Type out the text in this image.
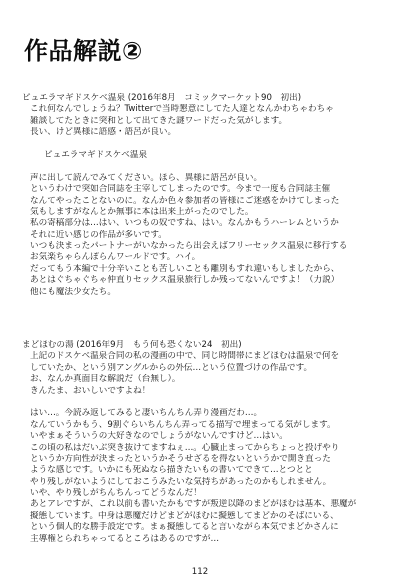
作品解説②
ピュエラマギドスケベ温泉 (2016年8月　コミックマーケット90　初出)
これ何なんでしょうね？Twitterで当時懇意にしてた人達となんかわちゃわちゃ
雑談してたときに突和として出てきた謎ワードだった気がします。
長い、けど異様に語感・語呂が良い。
ピュエラマギドスケベ温泉
声に出して読んでみてください。ほら、異様に語呂が良い。
というわけで突如合同誌を主宰してしまったのです。今まで一度も合同誌主催
なんてやったことないのに。なんか色々参加者の皆様にご迷惑をかけてしまった
気もしますがなんとか無事に本は出来上がったのでした。
私の寄稿部分は…はい、いつもの奴ですね、はい。なんかもうハーレムというか
それに近い感じの作品が多いです。
いつも決まったパートナーがいなかったら出会えばフリーセックス温泉に移行する
お気楽ちゃらんぽらんワールドです。ハイ。
だってもう本編で十分辛いことも苦しいことも離別もすれ違いもしましたから、
あとはぐちゃぐちゃ仲直りセックス温泉旅行しか残ってないんですよ！（力説）
他にも魔法少女たち。
まどほむの湯 (2016年9月　もう何も恐くない24　初出)
上記のドスケベ温泉合同の私の漫画の中で、同じ時間帯にまどほむは温泉で何を
していたか、という別アングルからの外伝…という位置づけの作品です。
お、なんか真面目な解説だ（台無し）。
きんたま、おいしいですよね！
はい…。今読み返してみると凄いちんちん弄り漫画だわ…。
なんていうかもう、9割ぐらいちんちん弄ってる描写で埋まってる気がします。
いやまぁそういうの大好きなのでしょうがないんですけど…はい。
この頃の私はだいぶ突き抜けてますねぇ…。心臓止まってからちょっと投げやり
というか方向性が決まったというかそうせざるを得ないというかで開き直った
ような感じです。いかにも死ぬなら描きたいもの書いてできて…とつとと
やり残しがないようにしておこうみたいな気持ちがあったのかもしれません。
いや、やり残しがちんちんってどうなんだ！
あとアレですが、これ以前も書いたかもですが叛逆以降のまどがほむは基本、悪魔が
擬態しています。中身は悪魔だけどまどがほむに擬態してまどかのそばにいる、
という個人的な勝手設定です。まぁ擬態してると言いながら本気でまどかさんに
主導権とられちゃってるところはあるのですが…
112
